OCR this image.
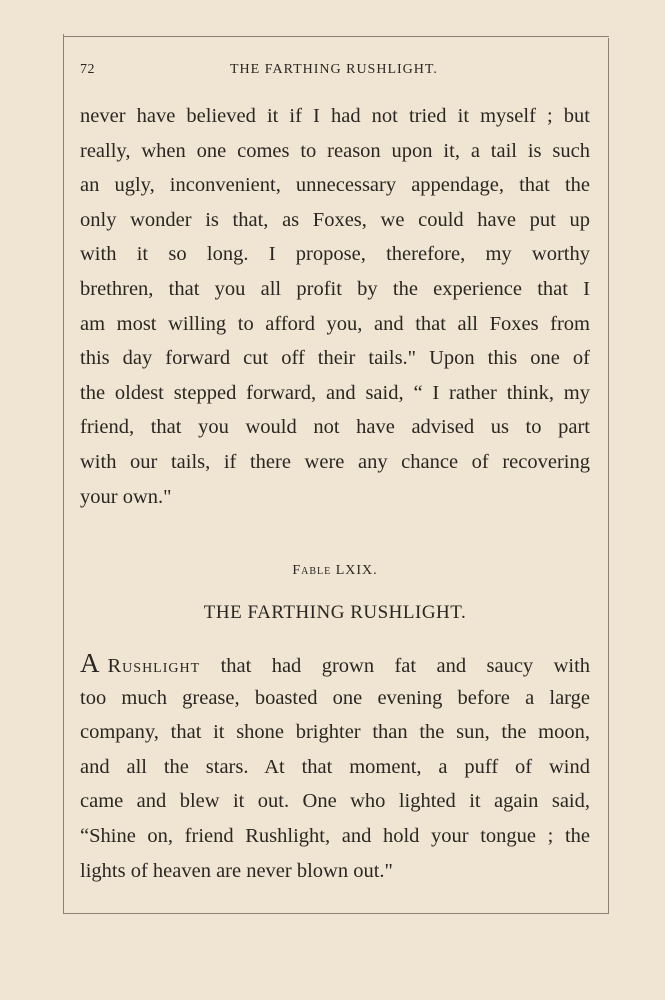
72	THE FARTHING RUSHLIGHT.
never have believed it if I had not tried it myself ; but
really, when one comes to reason upon it, a tail is such
an ugly, inconvenient, unnecessary appendage, that the
only wonder is that, as Foxes, we could have put up
with it so long. I propose, therefore, my worthy
brethren, that you all profit by the experience that I
am most willing to afford you, and that all Foxes from
this day forward cut off their tails." Upon this one of
the oldest stepped forward, and said, “ I rather think, my
friend, that you would not have advised us to part
with our tails, if there were any chance of recovering
your own."
Fable LXIX.
THE FARTHING RUSHLIGHT.
A Rushlight that had grown fat and saucy with
too much grease, boasted one evening before a large
company, that it shone brighter than the sun, the moon,
and all the stars. At that moment, a puff of wind
came and blew it out. One who lighted it again said,
“Shine on, friend Rushlight, and hold your tongue ; the
lights of heaven are never blown out."
